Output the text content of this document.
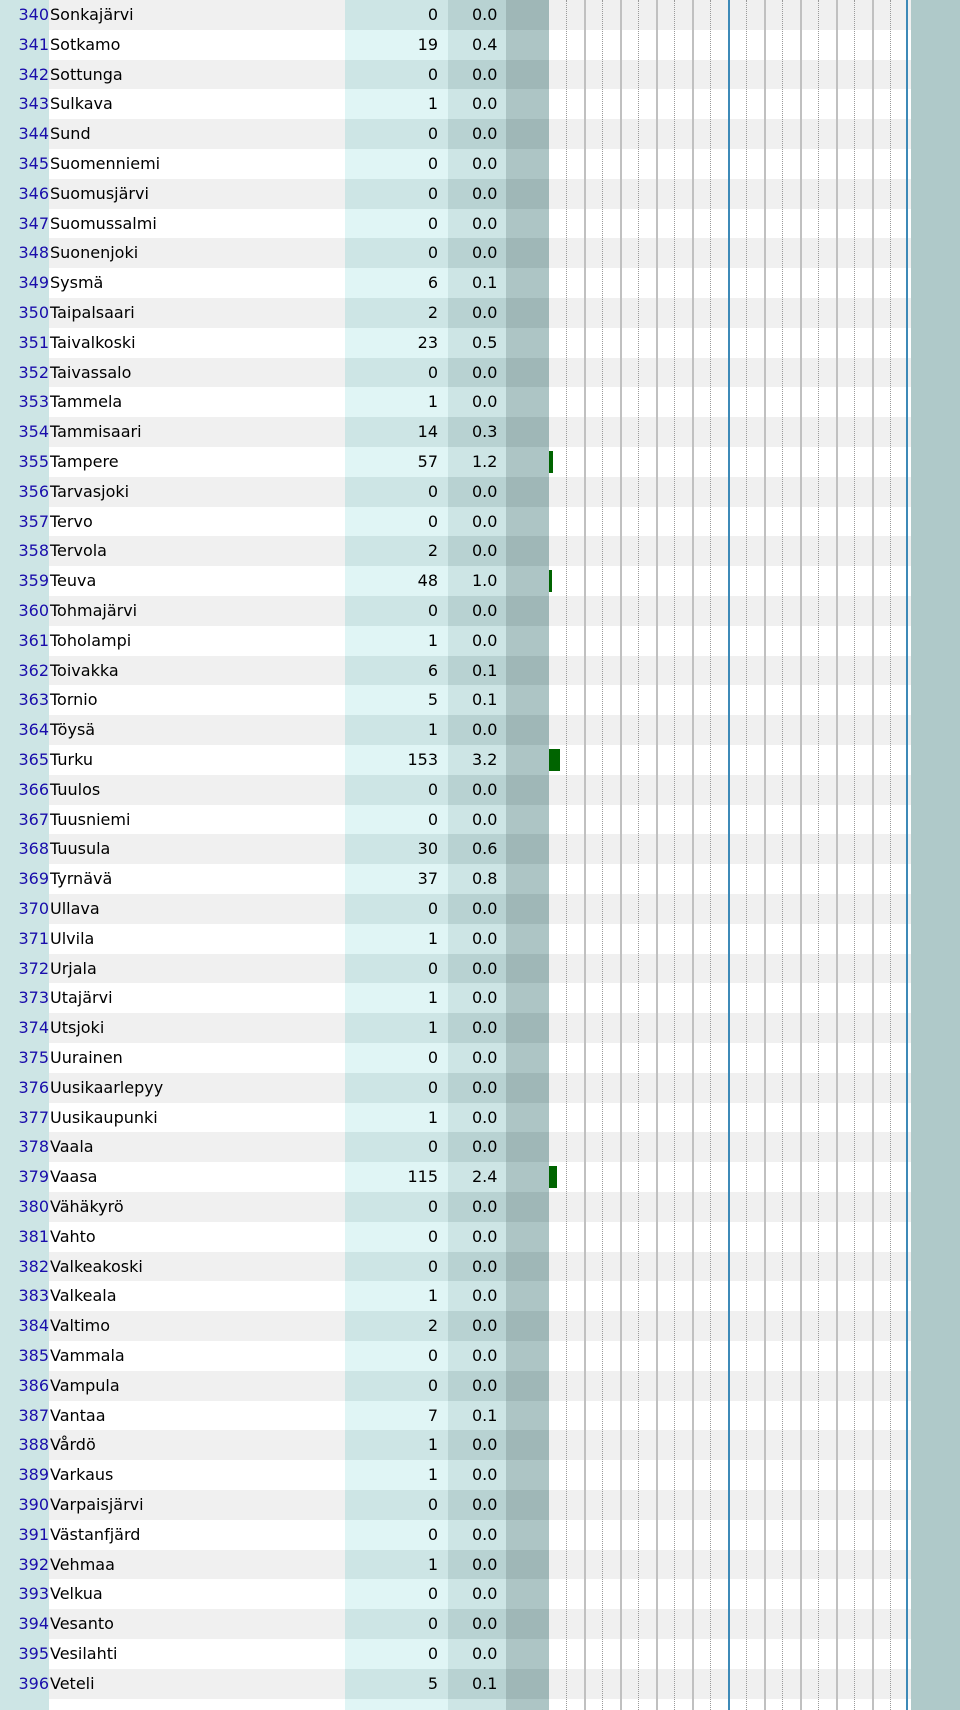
340 Sonkajärvi	0 0.0
341 Sotkamo	19 0.4
342 Sottunga	0 0.0
343 Sulkava	1 0.0
344 Sund	0 0.0
345 Suomenniemi	0 0.0
346 Suomusjärvi	0 0.0
347 Suomussalmi	0 0.0
348 Suonenjoki	0 0.0
349 Sysmä	6 0.1
350 Taipalsaari	2 0.0
351 Taivalkoski	23 0.5
352 Taivassalo	0 0.0
353 Tammela	1 0.0
354 Tammisaari	14 0.3
355 Tampere	57 1.2
356 Tarvasjoki	0 0.0
357 Tervo	0 0.0
358 Tervola	2 0.0
359 Teuva	48 1.0
360 Tohmajärvi	0 0.0
361 Toholampi	1 0.0
362 Toivakka	6 0.1
363 Tornio	5 0.1
364 Töysä	1 0.0
365 Turku	153 3.2
366 Tuulos	0 0.0
367 Tuusniemi	0 0.0
368 Tuusula	30 0.6
369 Tyrnävä	37 0.8
370 Ullava	0 0.0
371 Ulvila	1 0.0
372 Urjala	0 0.0
373 Utajärvi	1 0.0
374 Utsjoki	1 0.0
375 Uurainen	0 0.0
376 Uusikaarlepyy	0 0.0
377 Uusikaupunki	1 0.0
378 Vaala	0 0.0
379 Vaasa	115 2.4
380 Vähäkyrö	0 0.0
381 Vahto	0 0.0
382 Valkeakoski	0 0.0
383 Valkeala	1 0.0
384 Valtimo	2 0.0
385 Vammala	0 0.0
386 Vampula	0 0.0
387 Vantaa	7 0.1
388 Vårdö	1 0.0
389 Varkaus	1 0.0
390 Varpaisjärvi	0 0.0
391 Västanfjärd	0 0.0
392 Vehmaa	1 0.0
393 Velkua	0 0.0
394 Vesanto	0 0.0
395 Vesilahti	0 0.0
396 Veteli	5 0.1
